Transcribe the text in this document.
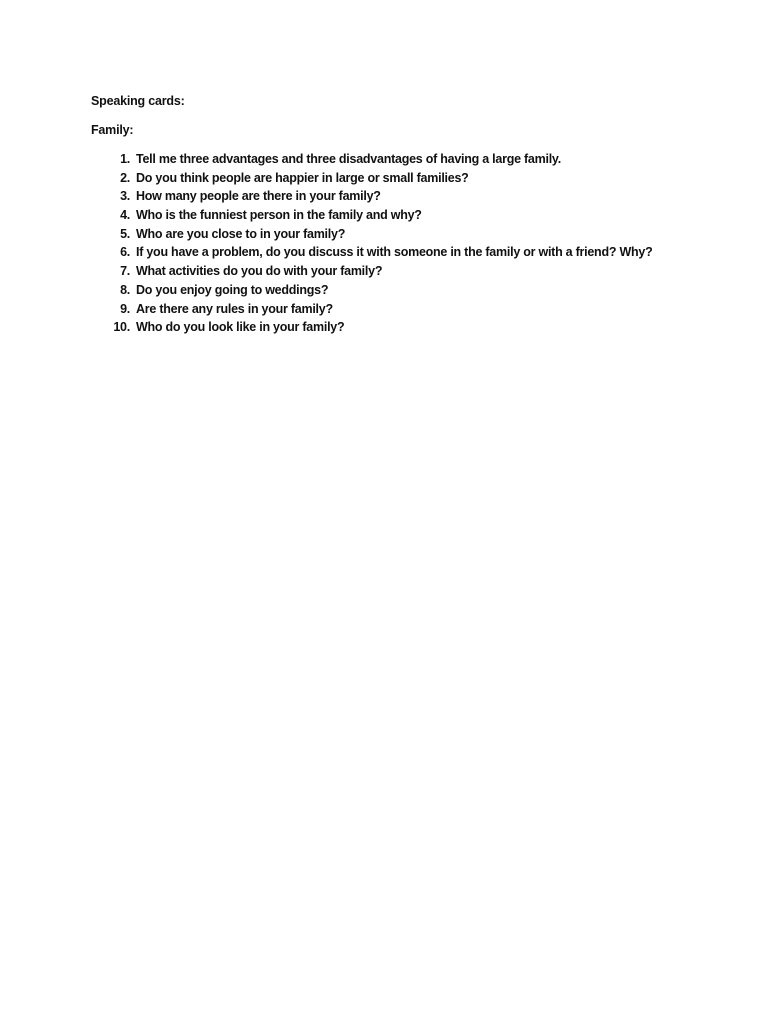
Speaking cards:
Family:
1. Tell me three advantages and three disadvantages of having a large family.
2. Do you think people are happier in large or small families?
3. How many people are there in your family?
4. Who is the funniest person in the family and why?
5. Who are you close to in your family?
6. If you have a problem, do you discuss it with someone in the family or with a friend? Why?
7. What activities do you do with your family?
8. Do you enjoy going to weddings?
9. Are there any rules in your family?
10. Who do you look like in your family?
